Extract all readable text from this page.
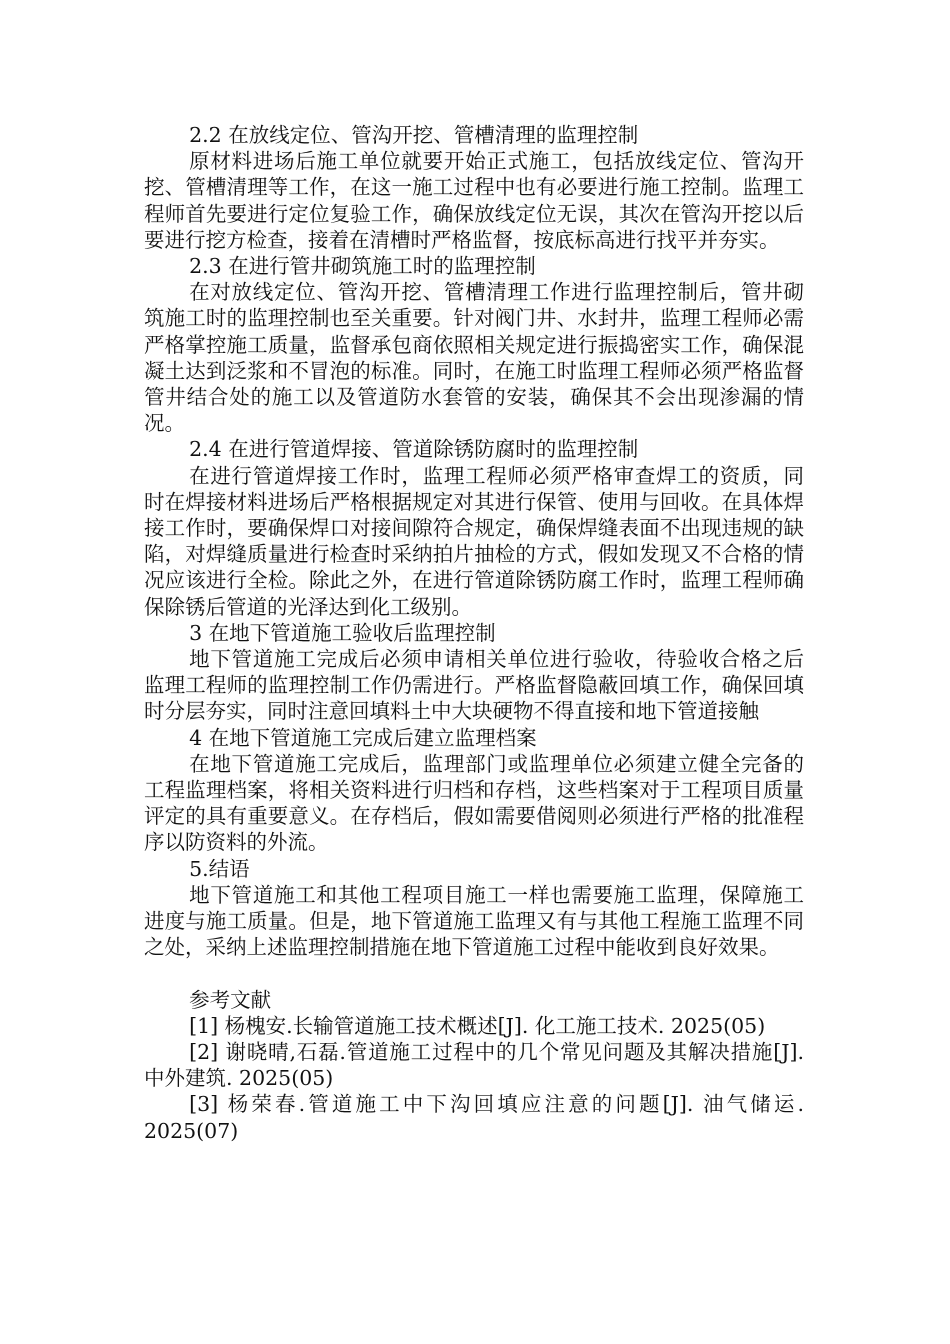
2.2 在放线定位、管沟开挖、管槽清理的监理控制

原材料进场后施工单位就要开始正式施工，包括放线定位、管沟开挖、管槽清理等工作，在这一施工过程中也有必要进行施工控制。监理工程师首先要进行定位复验工作，确保放线定位无误，其次在管沟开挖以后要进行挖方检查，接着在清槽时严格监督，按底标高进行找平并夯实。

2.3 在进行管井砌筑施工时的监理控制

在对放线定位、管沟开挖、管槽清理工作进行监理控制后，管井砌筑施工时的监理控制也至关重要。针对阀门井、水封井，监理工程师必需严格掌控施工质量，监督承包商依照相关规定进行振捣密实工作，确保混凝土达到泛浆和不冒泡的标准。同时，在施工时监理工程师必须严格监督管井结合处的施工以及管道防水套管的安装，确保其不会出现渗漏的情况。

2.4 在进行管道焊接、管道除锈防腐时的监理控制

在进行管道焊接工作时，监理工程师必须严格审查焊工的资质，同时在焊接材料进场后严格根据规定对其进行保管、使用与回收。在具体焊接工作时，要确保焊口对接间隙符合规定，确保焊缝表面不出现违规的缺陷，对焊缝质量进行检查时采纳拍片抽检的方式，假如发现又不合格的情况应该进行全检。除此之外，在进行管道除锈防腐工作时，监理工程师确保除锈后管道的光泽达到化工级别。

3 在地下管道施工验收后监理控制

地下管道施工完成后必须申请相关单位进行验收，待验收合格之后监理工程师的监理控制工作仍需进行。严格监督隐蔽回填工作，确保回填时分层夯实，同时注意回填料土中大块硬物不得直接和地下管道接触

4 在地下管道施工完成后建立监理档案

在地下管道施工完成后，监理部门或监理单位必须建立健全完备的工程监理档案，将相关资料进行归档和存档，这些档案对于工程项目质量评定的具有重要意义。在存档后，假如需要借阅则必须进行严格的批准程序以防资料的外流。

5.结语

地下管道施工和其他工程项目施工一样也需要施工监理，保障施工进度与施工质量。但是，地下管道施工监理又有与其他工程施工监理不同之处，采纳上述监理控制措施在地下管道施工过程中能收到良好效果。

参考文献

[1] 杨槐安.长输管道施工技术概述[J]. 化工施工技术. 2025(05)

[2] 谢晓晴,石磊.管道施工过程中的几个常见问题及其解决措施[J]. 中外建筑. 2025(05)

[3] 杨荣春.管道施工中下沟回填应注意的问题[J]. 油气储运. 2025(07)
